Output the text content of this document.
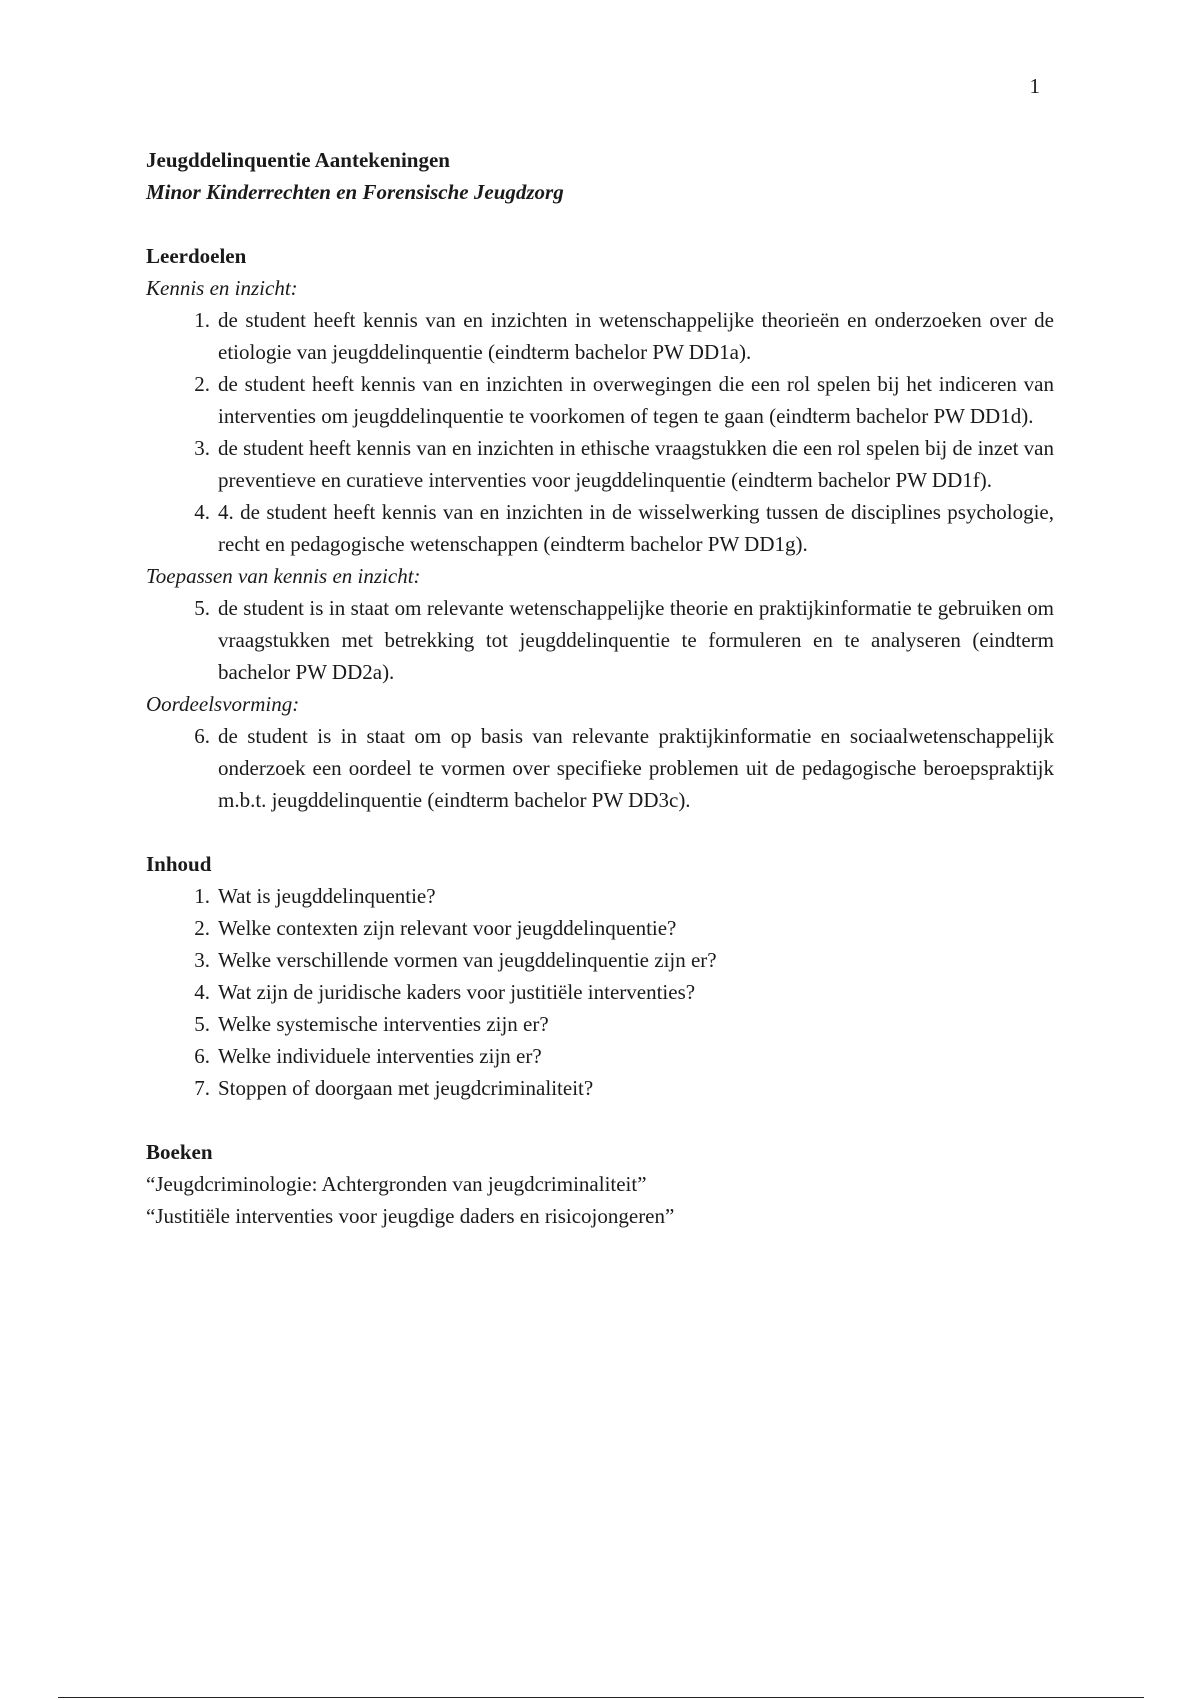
1

Jeugddelinquentie Aantekeningen

Minor Kinderrechten en Forensische Jeugdzorg

Leerdoelen

Kennis en inzicht:

1 . de student heeft kennis van en inzichten in wetenschappelijke theorieën en onderzoeken over de etiologie van jeugddelinquentie (eindterm bachelor PW DD1a).
2 . de student heeft kennis van en inzichten in overwegingen die een rol spelen bij het indiceren van interventies om jeugddelinquentie te voorkomen of tegen te gaan (eindterm bachelor PW DD1d).
3 . de student heeft kennis van en inzichten in ethische vraagstukken die een rol spelen bij de inzet van preventieve en curatieve interventies voor jeugddelinquentie (eindterm bachelor PW DD1f).
4 . 4. de student heeft kennis van en inzichten in de wisselwerking tussen de disciplines psychologie, recht en pedagogische wetenschappen (eindterm bachelor PW DD1g).

Toepassen van kennis en inzicht:

5 . de student is in staat om relevante wetenschappelijke theorie en praktijkinformatie te gebruiken om vraagstukken met betrekking tot jeugddelinquentie te formuleren en te analyseren (eindterm bachelor PW DD2a).

Oordeelsvorming:

6 . de student is in staat om op basis van relevante praktijkinformatie en sociaalwetenschappelijk onderzoek een oordeel te vormen over specifieke problemen uit de pedagogische beroepspraktijk m.b.t. jeugddelinquentie (eindterm bachelor PW DD3c).

Inhoud

1 . Wat is jeugddelinquentie?
2 . Welke contexten zijn relevant voor jeugddelinquentie?
3 . Welke verschillende vormen van jeugddelinquentie zijn er?
4 . Wat zijn de juridische kaders voor justitiële interventies?
5 . Welke systemische interventies zijn er?
6 . Welke individuele interventies zijn er?
7 . Stoppen of doorgaan met jeugdcriminaliteit?

Boeken

“Jeugdcriminologie: Achtergronden van jeugdcriminaliteit”

“Justitiële interventies voor jeugdige daders en risicojongeren”
